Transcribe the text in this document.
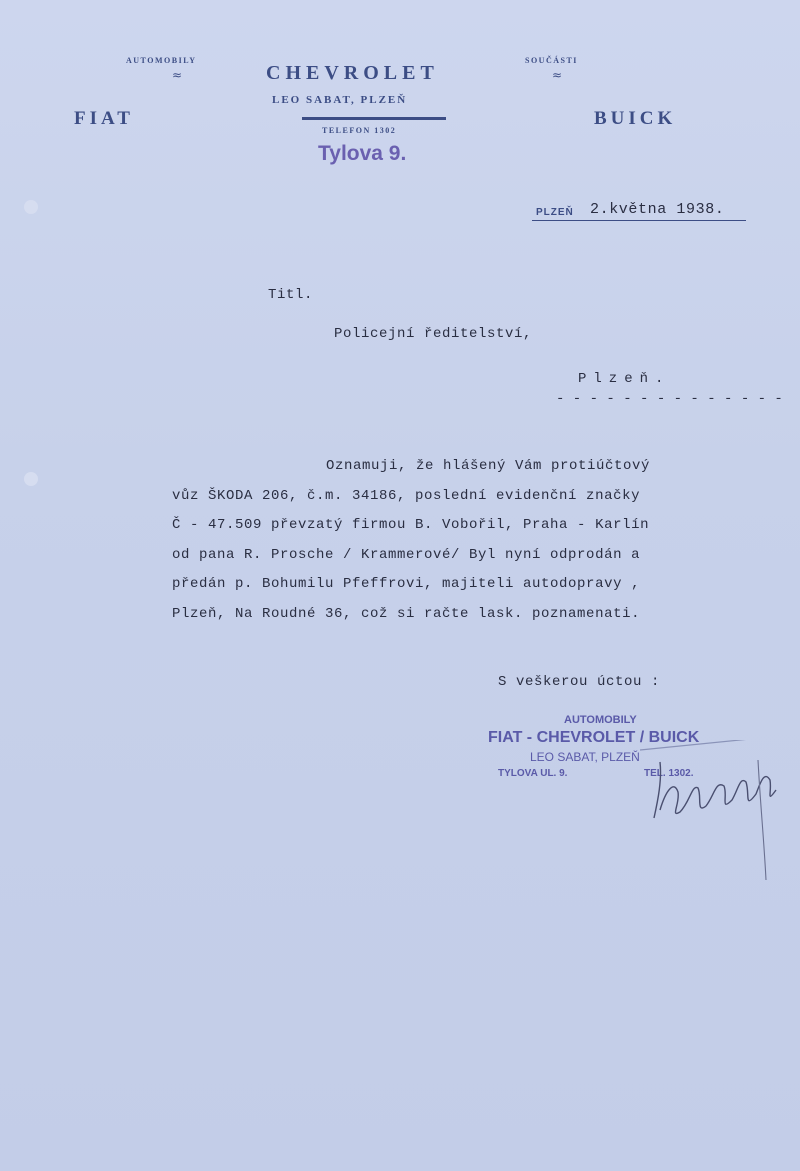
AUTOMOBILY
≈
FIAT
CHEVROLET
LEO SABAT, PLZEŇ
TELEFON 1302
SOUČÁSTI
≈
BUICK
Tylova 9.
PLZEŇ 2.května 1938.
Titl.
Policejní ředitelství,
Plzeň.
- - - - - - - - - - - - - -
Oznamuji, že hlášený Vám protiúčtový
vůz ŠKODA 206, č.m. 34186, poslední evidenční značky
Č - 47.509 převzatý firmou B. Vobořil, Praha - Karlín
od pana R. Prosche / Krammerové/ Byl nyní odprodán a
předán p. Bohumilu Pfeffrovi, majiteli autodopravy ,
Plzeň, Na Roudné 36, což si račte lask. poznamenati.
S veškerou úctou :
AUTOMOBILY
FIAT - CHEVROLET / BUICK
LEO SABAT, PLZEŇ
TYLOVA UL. 9.	TEL. 1302.
